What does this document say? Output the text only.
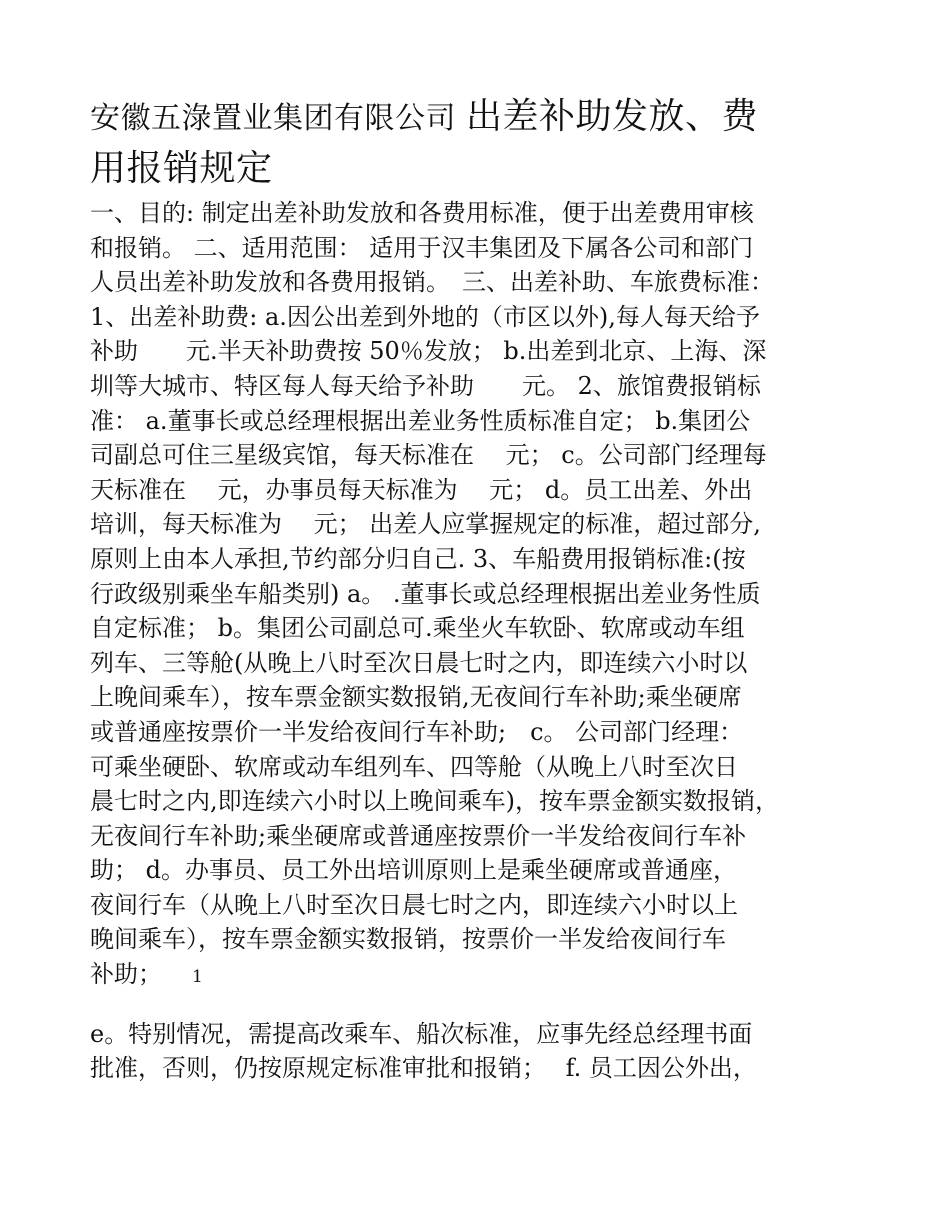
安徽五淥置业集团有限公司 出差补助发放、费
用报销规定
一、目的: 制定出差补助发放和各费用标准，便于出差费用审核
和报销。 二、适用范围： 适用于汉丰集团及下属各公司和部门
人员出差补助发放和各费用报销。　三、出差补助、车旅费标准：
1、出差补助费: a.因公出差到外地的（市区以外),每人每天给予
补助　　元.半天补助费按 50％发放； b.出差到北京、上海、深
圳等大城市、特区每人每天给予补助　　元。 2、旅馆费报销标
准： a.董事长或总经理根据出差业务性质标准自定； b.集团公
司副总可住三星级宾馆，每天标准在　 元； c。公司部门经理每
天标准在　 元，办事员每天标准为　 元； d。员工出差、外出
培训，每天标准为　 元； 出差人应掌握规定的标准，超过部分,
原则上由本人承担,节约部分归自己. 3、车船费用报销标准:(按
行政级别乘坐车船类别) a。 .董事长或总经理根据出差业务性质
自定标准； b。集团公司副总可.乘坐火车软卧、软席或动车组
列车、三等舱(从晚上八时至次日晨七时之内，即连续六小时以
上晚间乘车），按车票金额实数报销,无夜间行车补助;乘坐硬席
或普通座按票价一半发给夜间行车补助;　c。 公司部门经理：
可乘坐硬卧、软席或动车组列车、四等舱（从晚上八时至次日
晨七时之内,即连续六小时以上晚间乘车)，按车票金额实数报销，
无夜间行车补助;乘坐硬席或普通座按票价一半发给夜间行车补
助； d。办事员、员工外出培训原则上是乘坐硬席或普通座，
夜间行车（从晚上八时至次日晨七时之内，即连续六小时以上
晚间乘车），按车票金额实数报销，按票价一半发给夜间行车
补助； 1
e。特别情况，需提高改乘车、船次标准，应事先经总经理书面
批准，否则，仍按原规定标准审批和报销；　 f. 员工因公外出，
